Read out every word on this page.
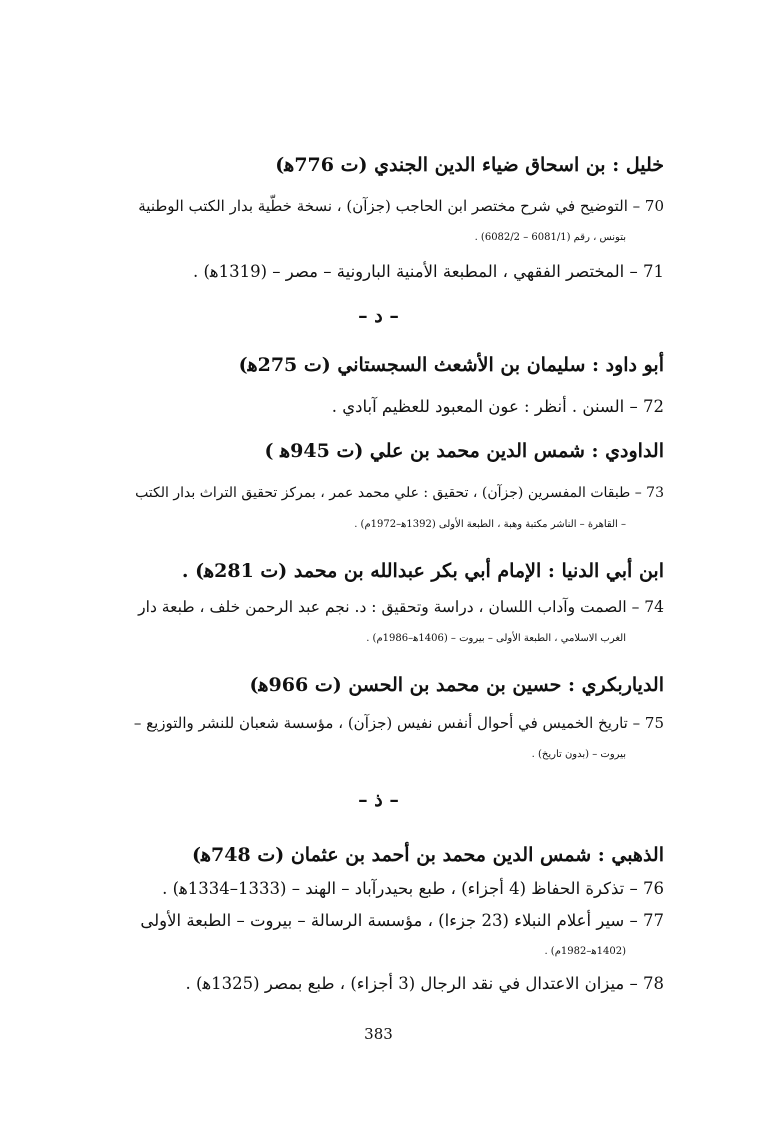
خليل : بن اسحاق ضياء الدين الجندي (ت 776ﻫ)
70 – التوضيح في شرح مختصر ابن الحاجب (جزآن) ، نسخة خطّية بدار الكتب الوطنية
بتونس ، رقم (6081/1 – 6082/2) .
71 – المختصر الفقهي ، المطبعة الأمنية البارونية – مصر – (1319ﻫ) .
– د –
أبو داود : سليمان بن الأشعث السجستاني (ت 275ﻫ)
72 – السنن . أنظر : عون المعبود للعظيم آبادي .
الداودي : شمس الدين محمد بن علي (ت 945ﻫ )
73 – طبقات المفسرين (جزآن) ، تحقيق : علي محمد عمر ، بمركز تحقيق التراث بدار الكتب
– القاهرة – الناشر مكتبة وهبة ، الطبعة الأولى (1392ﻫ–1972م) .
ابن أبي الدنيا : الإمام أبي بكر عبدالله بن محمد (ت 281ﻫ) .
74 – الصمت وآداب اللسان ، دراسة وتحقيق : د. نجم عبد الرحمن خلف ، طبعة دار
الغرب الاسلامي ، الطبعة الأولى – بيروت – (1406ﻫ–1986م) .
الدياربكري : حسين بن محمد بن الحسن (ت 966ﻫ)
75 – تاريخ الخميس في أحوال أنفس نفيس (جزآن) ، مؤسسة شعبان للنشر والتوزيع –
بيروت – (بدون تاريخ) .
– ذ –
الذهبي : شمس الدين محمد بن أحمد بن عثمان (ت 748ﻫ)
76 – تذكرة الحفاظ (4 أجزاء) ، طبع بحيدرآباد – الهند – (1333–1334ﻫ) .
77 – سير أعلام النبلاء (23 جزءا) ، مؤسسة الرسالة – بيروت – الطبعة الأولى
(1402ﻫ–1982م) .
78 – ميزان الاعتدال في نقد الرجال (3 أجزاء) ، طبع بمصر (1325ﻫ) .
383
